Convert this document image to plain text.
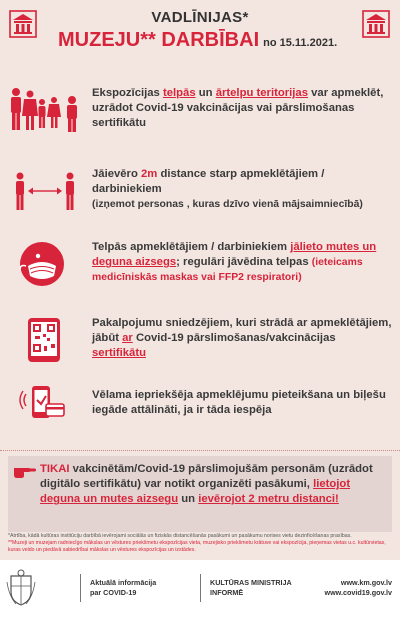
VADLĪNIJAS*
MUZEJU** DARBĪBAI no 15.11.2021.
Ekspozīcijas telpās un ārtelpu teritorijas var apmeklēt, uzrādot Covid-19 vakcinācijas vai pārslimošanas sertifikātu
Jāievēro 2m distance starp apmeklētājiem / darbiniekiem
(izņemot personas , kuras dzīvo vienā mājsaimniecībā)
Telpās apmeklētājiem / darbiniekiem jālieto mutes un deguna aizsegs; regulāri jāvēdina telpas (ieteicams medicīniskās maskas vai FFP2 respiratori)
Pakalpojumu sniedzējiem, kuri strādā ar apmeklētājiem, jābūt ar Covid-19 pārslimošanas/vakcinācijas sertifikātu
Vēlama iepriekšēja apmeklējumu pieteikšana un biļešu iegāde attālināti, ja ir tāda iespēja
TIKAI vakcinētām/Covid-19 pārslimojušām personām (uzrādot digitālo sertifikātu) var notikt organizēti pasākumi, lietojot deguna un mutes aizsegu un ievērojot 2 metru distanci!
*Atrtība, kādā kultūras institūciju darbībā ievērojami sociālās un fiziskās distancēšanās pasākumi un pasākumu norises vietu dezinficēšanas prasības.
**Muzeji un muzejam radniecīgo mākslas un vēstures priekšmetu ekspozīcijas vieta, muzejisko priekšmetu krātuve vai ekspozīcija, pieņemas vietas u.c. kultūrvietas, kuras veido un piedāvā sabiedrībai mākslas un vēstures ekspozīcijas un izstādes.
Aktuālā informācija
par COVID-19
KULTŪRAS MINISTRIJA
INFORMĒ
www.km.gov.lv
www.covid19.gov.lv
